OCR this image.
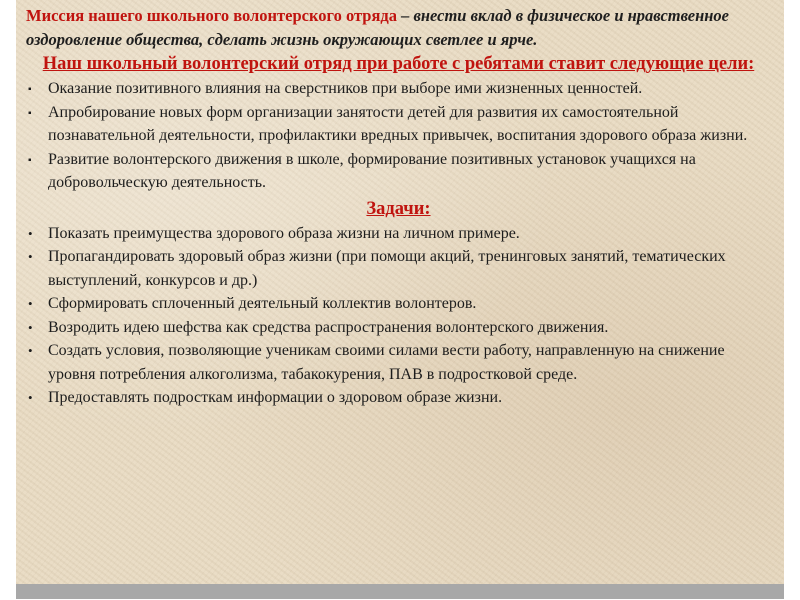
Миссия нашего школьного волонтерского отряда – внести вклад в физическое и нравственное оздоровление общества, сделать жизнь окружающих светлее и ярче.

Наш школьный волонтерский отряд при работе с ребятами ставит следующие цели:

▪ Оказание позитивного влияния на сверстников при выборе ими жизненных ценностей.
▪ Апробирование новых форм организации занятости детей для развития их самостоятельной познавательной деятельности, профилактики вредных привычек, воспитания здорового образа жизни.
▪ Развитие волонтерского движения в школе, формирование позитивных установок учащихся на добровольческую деятельность.

Задачи:

• Показать преимущества здорового образа жизни на личном примере.
• Пропагандировать здоровый образ жизни (при помощи акций, тренинговых занятий, тематических выступлений, конкурсов и др.)
• Сформировать сплоченный деятельный коллектив волонтеров.
• Возродить идею шефства как средства распространения волонтерского движения.
• Создать условия, позволяющие ученикам своими силами вести работу, направленную на снижение уровня потребления алкоголизма, табакокурения, ПАВ в подростковой среде.
• Предоставлять подросткам информации о здоровом образе жизни.
